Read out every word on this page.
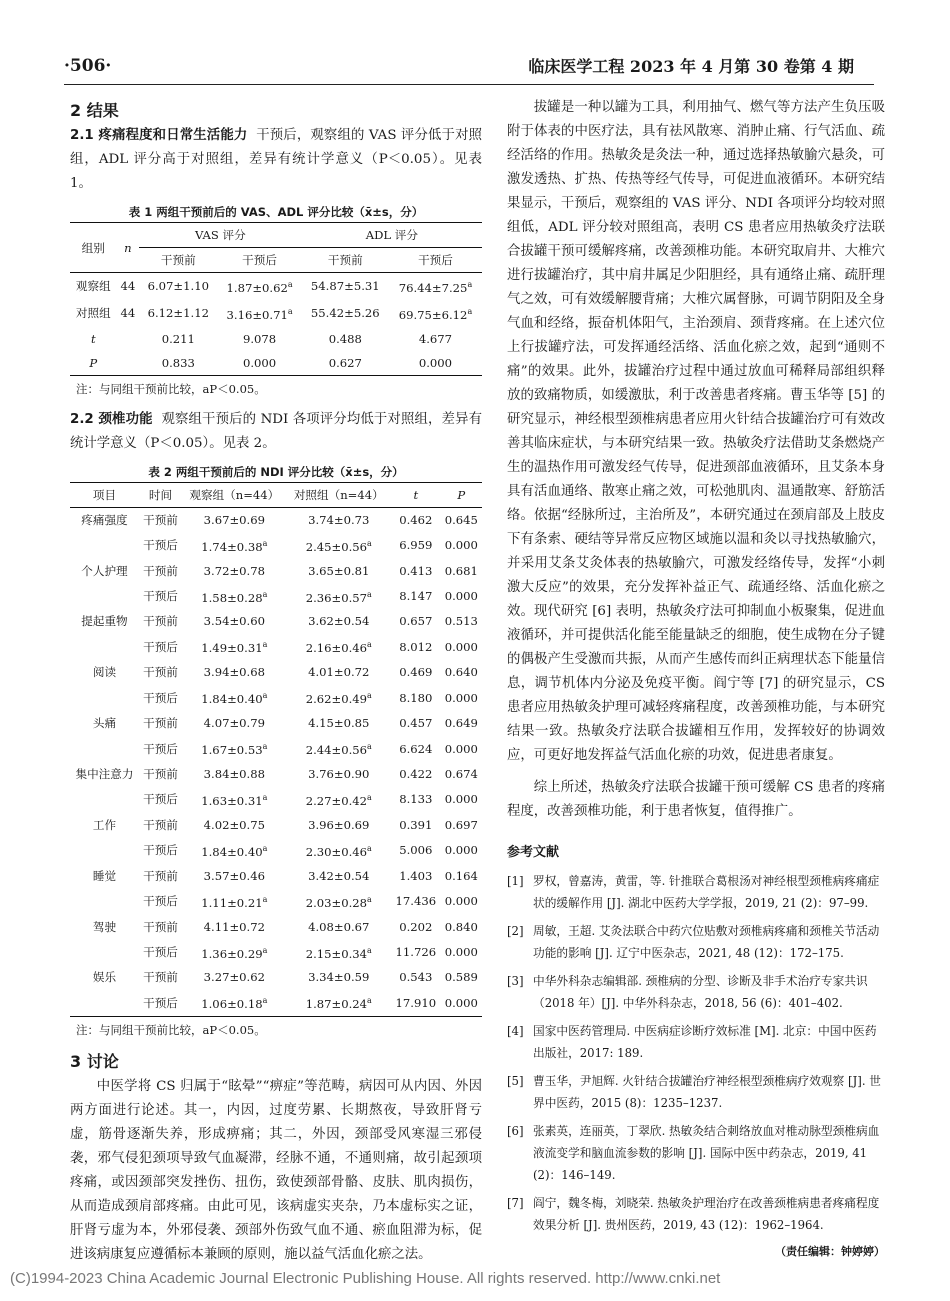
·506·	临床医学工程 2023 年 4 月第 30 卷第 4 期
2 结果

2.1 疼痛程度和日常生活能力 干预后，观察组的 VAS 评分低于对照组，ADL 评分高于对照组，差异有统计学意义（P＜0.05）。见表 1。

表 1 两组干预前后的 VAS、ADL 评分比较（x̄±s，分）
组别	n	VAS 评分		ADL 评分	
		干预前	干预后	干预前	干预后
观察组	44	6.07±1.10	1.87±0.62$^a$	54.87±5.31	76.44±7.25$^a$
对照组	44	6.12±1.12	3.16±0.71$^a$	55.42±5.26	69.75±6.12$^a$
t		0.211	9.078	0.488	4.677
P		0.833	0.000	0.627	0.000
注：与同组干预前比较，aP＜0.05。

2.2 颈椎功能 观察组干预后的 NDI 各项评分均低于对照组，差异有统计学意义（P＜0.05）。见表 2。

表 2 两组干预前后的 NDI 评分比较（x̄±s，分）
项目	时间	观察组（n=44）	对照组（n=44）	t	P
疼痛强度	干预前	3.67±0.69	3.74±0.73	0.462	0.645
	干预后	1.74±0.38$^a$	2.45±0.56$^a$	6.959	0.000
个人护理	干预前	3.72±0.78	3.65±0.81	0.413	0.681
	干预后	1.58±0.28$^a$	2.36±0.57$^a$	8.147	0.000
提起重物	干预前	3.54±0.60	3.62±0.54	0.657	0.513
	干预后	1.49±0.31$^a$	2.16±0.46$^a$	8.012	0.000
阅读	干预前	3.94±0.68	4.01±0.72	0.469	0.640
	干预后	1.84±0.40$^a$	2.62±0.49$^a$	8.180	0.000
头痛	干预前	4.07±0.79	4.15±0.85	0.457	0.649
	干预后	1.67±0.53$^a$	2.44±0.56$^a$	6.624	0.000
集中注意力	干预前	3.84±0.88	3.76±0.90	0.422	0.674
	干预后	1.63±0.31$^a$	2.27±0.42$^a$	8.133	0.000
工作	干预前	4.02±0.75	3.96±0.69	0.391	0.697
	干预后	1.84±0.40$^a$	2.30±0.46$^a$	5.006	0.000
睡觉	干预前	3.57±0.46	3.42±0.54	1.403	0.164
	干预后	1.11±0.21$^a$	2.03±0.28$^a$	17.436	0.000
驾驶	干预前	4.11±0.72	4.08±0.67	0.202	0.840
	干预后	1.36±0.29$^a$	2.15±0.34$^a$	11.726	0.000
娱乐	干预前	3.27±0.62	3.34±0.59	0.543	0.589
	干预后	1.06±0.18$^a$	1.87±0.24$^a$	17.910	0.000
注：与同组干预前比较，aP＜0.05。
3 讨论

中医学将 CS 归属于“眩晕”“痹症”等范畴，病因可从内因、外因两方面进行论述。其一，内因，过度劳累、长期熬夜，导致肝肾亏虚，筋骨逐渐失养，形成痹痛；其二，外因，颈部受风寒湿三邪侵袭，邪气侵犯颈项导致气血凝滞，经脉不通，不通则痛，故引起颈项疼痛，或因颈部突发挫伤、扭伤，致使颈部骨骼、皮肤、肌肉损伤，从而造成颈肩部疼痛。由此可见，该病虚实夹杂，乃本虚标实之证，肝肾亏虚为本，外邪侵袭、颈部外伤致气血不通、瘀血阻滞为标，促进该病康复应遵循标本兼顾的原则，施以益气活血化瘀之法。

拔罐是一种以罐为工具，利用抽气、燃气等方法产生负压吸附于体表的中医疗法，具有祛风散寒、消肿止痛、行气活血、疏经活络的作用。热敏灸是灸法一种，通过选择热敏腧穴悬灸，可激发透热、扩热、传热等经气传导，可促进血液循环。本研究结果显示，干预后，观察组的 VAS 评分、NDI 各项评分均较对照组低，ADL 评分较对照组高，表明 CS 患者应用热敏灸疗法联合拔罐干预可缓解疼痛，改善颈椎功能。本研究取肩井、大椎穴进行拔罐治疗，其中肩井属足少阳胆经，具有通络止痛、疏肝理气之效，可有效缓解腰背痛；大椎穴属督脉，可调节阴阳及全身气血和经络，振奋机体阳气，主治颈肩、颈背疼痛。在上述穴位上行拔罐疗法，可发挥通经活络、活血化瘀之效，起到“通则不痛”的效果。此外，拔罐治疗过程中通过放血可稀释局部组织释放的致痛物质，如缓激肽，利于改善患者疼痛。曹玉华等 [5] 的研究显示，神经根型颈椎病患者应用火针结合拔罐治疗可有效改善其临床症状，与本研究结果一致。热敏灸疗法借助艾条燃烧产生的温热作用可激发经气传导，促进颈部血液循环，且艾条本身具有活血通络、散寒止痛之效，可松弛肌肉、温通散寒、舒筋活络。依据“经脉所过，主治所及”，本研究通过在颈肩部及上肢皮下有条索、硬结等异常反应物区域施以温和灸以寻找热敏腧穴，并采用艾条艾灸体表的热敏腧穴，可激发经络传导，发挥“小刺激大反应”的效果，充分发挥补益正气、疏通经络、活血化瘀之效。现代研究 [6] 表明，热敏灸疗法可抑制血小板聚集，促进血液循环，并可提供活化能至能量缺乏的细胞，使生成物在分子键的偶极产生受激而共振，从而产生感传而纠正病理状态下能量信息，调节机体内分泌及免疫平衡。阎宁等 [7] 的研究显示，CS 患者应用热敏灸护理可减轻疼痛程度，改善颈椎功能，与本研究结果一致。热敏灸疗法联合拔罐相互作用，发挥较好的协调效应，可更好地发挥益气活血化瘀的功效，促进患者康复。

综上所述，热敏灸疗法联合拔罐干预可缓解 CS 患者的疼痛程度，改善颈椎功能，利于患者恢复，值得推广。

参考文献
[1] 罗权，曾嘉涛，黄雷，等. 针推联合葛根汤对神经根型颈椎病疼痛症状的缓解作用 [J]. 湖北中医药大学学报，2019, 21 (2)：97–99.
[2] 周敏，王超. 艾灸法联合中药穴位贴敷对颈椎病疼痛和颈椎关节活动功能的影响 [J]. 辽宁中医杂志，2021, 48 (12)：172–175.
[3] 中华外科杂志编辑部. 颈椎病的分型、诊断及非手术治疗专家共识（2018 年）[J]. 中华外科杂志，2018, 56 (6)：401–402.
[4] 国家中医药管理局. 中医病症诊断疗效标准 [M]. 北京：中国中医药出版社，2017: 189.
[5] 曹玉华，尹旭辉. 火针结合拔罐治疗神经根型颈椎病疗效观察 [J]. 世界中医药，2015 (8)：1235–1237.
[6] 张素英，连丽英，丁翠欣. 热敏灸结合刺络放血对椎动脉型颈椎病血液流变学和脑血流参数的影响 [J]. 国际中医中药杂志，2019, 41 (2)：146–149.
[7] 阎宁，魏冬梅，刘晓荣. 热敏灸护理治疗在改善颈椎病患者疼痛程度效果分析 [J]. 贵州医药，2019, 43 (12)：1962–1964.
（责任编辑：钟婷婷）
(C)1994-2023 China Academic Journal Electronic Publishing House. All rights reserved. http://www.cnki.net
